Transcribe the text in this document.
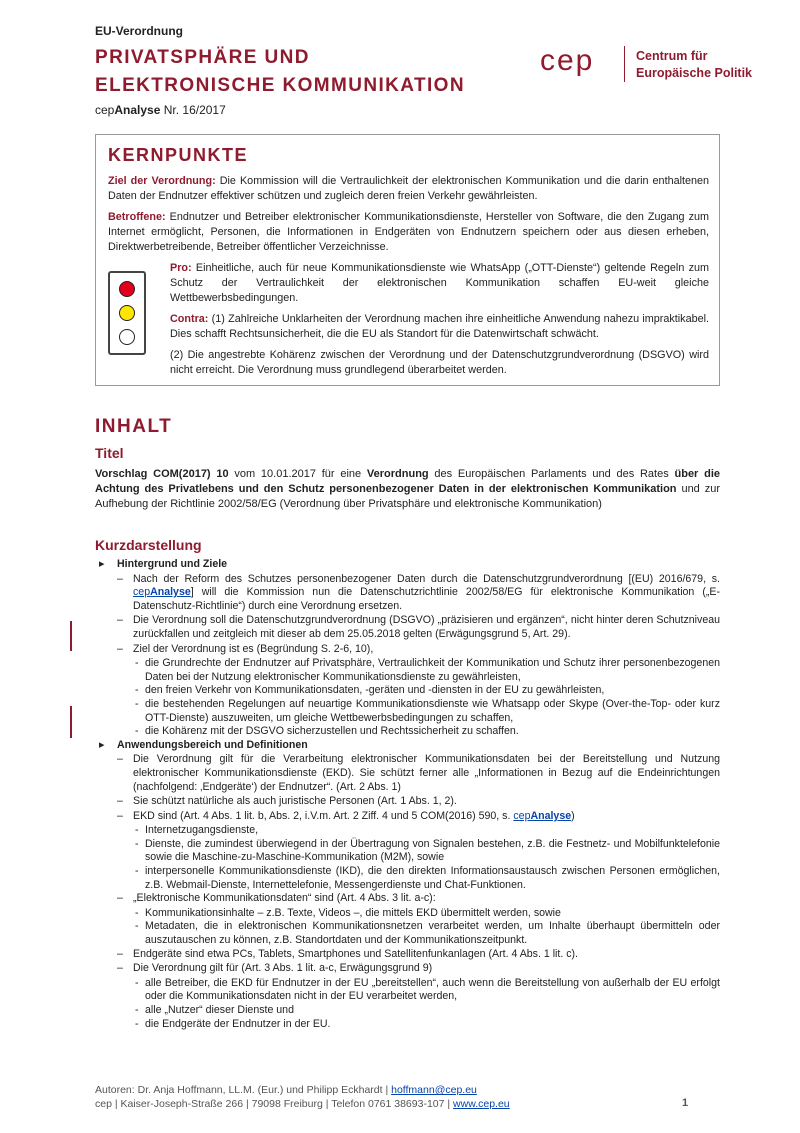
EU-Verordnung
PRIVATSPHÄRE UND
ELEKTRONISCHE KOMMUNIKATION
cepAnalyse Nr. 16/2017
cep	Centrum für
Europäische Politik
KERNPUNKTE

Ziel der Verordnung: Die Kommission will die Vertraulichkeit der elektronischen Kommunikation und die darin enthaltenen Daten der Endnutzer effektiver schützen und zugleich deren freien Verkehr gewährleisten.

Betroffene: Endnutzer und Betreiber elektronischer Kommunikationsdienste, Hersteller von Software, die den Zugang zum Internet ermöglicht, Personen, die Informationen in Endgeräten von Endnutzern speichern oder aus diesen erheben, Direktwerbetreibende, Betreiber öffentlicher Verzeichnisse.

Pro: Einheitliche, auch für neue Kommunikationsdienste wie WhatsApp („OTT-Dienste“) geltende Regeln zum Schutz der Vertraulichkeit der elektronischen Kommunikation schaffen EU-weit gleiche Wettbewerbsbedingungen.

Contra: (1) Zahlreiche Unklarheiten der Verordnung machen ihre einheitliche Anwendung nahezu impraktikabel. Dies schafft Rechtsunsicherheit, die die EU als Standort für die Datenwirtschaft schwächt.

(2) Die angestrebte Kohärenz zwischen der Verordnung und der Datenschutzgrundverordnung (DSGVO) wird nicht erreicht. Die Verordnung muss grundlegend überarbeitet werden.

INHALT
Titel

Vorschlag COM(2017) 10 vom 10.01.2017 für eine Verordnung des Europäischen Parlaments und des Rates über die Achtung des Privatlebens und den Schutz personenbezogener Daten in der elektronischen Kommunikation und zur Aufhebung der Richtlinie 2002/58/EG (Verordnung über Privatsphäre und elektronische Kommunikation)

Kurzdarstellung
▸ Hintergrund und Ziele
– Nach der Reform des Schutzes personenbezogener Daten durch die Datenschutzgrundverordnung [(EU) 2016/679, s. cepAnalyse] will die Kommission nun die Datenschutzrichtlinie 2002/58/EG für elektronische Kommunikation („E-Datenschutz-Richtlinie“) durch eine Verordnung ersetzen.
– Die Verordnung soll die Datenschutzgrundverordnung (DSGVO) „präzisieren und ergänzen“, nicht hinter deren Schutzniveau zurückfallen und zeitgleich mit dieser ab dem 25.05.2018 gelten (Erwägungsgrund 5, Art. 29).
– Ziel der Verordnung ist es (Begründung S. 2-6, 10),
- die Grundrechte der Endnutzer auf Privatsphäre, Vertraulichkeit der Kommunikation und Schutz ihrer personenbezogenen Daten bei der Nutzung elektronischer Kommunikationsdienste zu gewährleisten,
- den freien Verkehr von Kommunikationsdaten, -geräten und -diensten in der EU zu gewährleisten,
- die bestehenden Regelungen auf neuartige Kommunikationsdienste wie Whatsapp oder Skype (Over-the-Top- oder kurz OTT-Dienste) auszuweiten, um gleiche Wettbewerbsbedingungen zu schaffen,
- die Kohärenz mit der DSGVO sicherzustellen und Rechtssicherheit zu schaffen.
▸ Anwendungsbereich und Definitionen
– Die Verordnung gilt für die Verarbeitung elektronischer Kommunikationsdaten bei der Bereitstellung und Nutzung elektronischer Kommunikationsdienste (EKD). Sie schützt ferner alle „Informationen in Bezug auf die Endeinrichtungen (nachfolgend: ‚Endgeräte‘) der Endnutzer“. (Art. 2 Abs. 1)
– Sie schützt natürliche als auch juristische Personen (Art. 1 Abs. 1, 2).
– EKD sind (Art. 4 Abs. 1 lit. b, Abs. 2, i.V.m. Art. 2 Ziff. 4 und 5 COM(2016) 590, s. cepAnalyse)
- Internetzugangsdienste,
- Dienste, die zumindest überwiegend in der Übertragung von Signalen bestehen, z.B. die Festnetz- und Mobilfunktelefonie sowie die Maschine-zu-Maschine-Kommunikation (M2M), sowie
- interpersonelle Kommunikationsdienste (IKD), die den direkten Informationsaustausch zwischen Personen ermöglichen, z.B. Webmail-Dienste, Internettelefonie, Messengerdienste und Chat-Funktionen.
– „Elektronische Kommunikationsdaten“ sind (Art. 4 Abs. 3 lit. a-c):
- Kommunikationsinhalte – z.B. Texte, Videos –, die mittels EKD übermittelt werden, sowie
- Metadaten, die in elektronischen Kommunikationsnetzen verarbeitet werden, um Inhalte überhaupt übermitteln oder auszutauschen zu können, z.B. Standortdaten und der Kommunikationszeitpunkt.
– Endgeräte sind etwa PCs, Tablets, Smartphones und Satellitenfunkanlagen (Art. 4 Abs. 1 lit. c).
– Die Verordnung gilt für (Art. 3 Abs. 1 lit. a-c, Erwägungsgrund 9)
- alle Betreiber, die EKD für Endnutzer in der EU „bereitstellen“, auch wenn die Bereitstellung von außerhalb der EU erfolgt oder die Kommunikationsdaten nicht in der EU verarbeitet werden,
- alle „Nutzer“ dieser Dienste und
- die Endgeräte der Endnutzer in der EU.
Autoren: Dr. Anja Hoffmann, LL.M. (Eur.) und Philipp Eckhardt | hoffmann@cep.eu
cep | Kaiser-Joseph-Straße 266 | 79098 Freiburg | Telefon 0761 38693-107 | www.cep.eu	1
